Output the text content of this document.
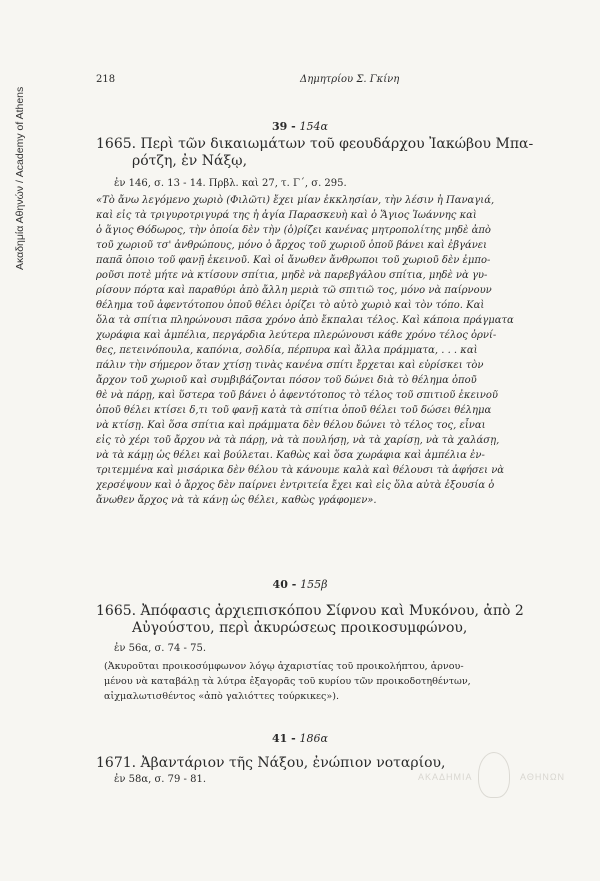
Ακαδημία Αθηνών / Academy of Athens
218	Δημητρίου Σ. Γκίνη
39 - 154α
1665. Περὶ τῶν δικαιωμάτων τοῦ φεουδάρχου Ἰακώβου Μπα-
ρότζη, ἐν Νάξῳ,
ἐν 146, σ. 13 - 14. Πρβλ. καὶ 27, τ. Γ΄, σ. 295.
«Τὸ ἄνω λεγόμενο χωριὸ (Φιλῶτι) ἔχει μίαν ἐκκλησίαν, τὴν λέσιν ἡ Παναγιά,
καὶ εἰς τὰ τριγυροτριγυρά της ἡ ἁγία Παρασκευὴ καὶ ὁ Ἅγιος Ἰωάννης καὶ
ὁ ἅγιος Θόδωρος, τὴν ὁποία δὲν τὴν (ὁ)ρίζει κανένας μητροπολίτης μηδὲ ἀπὸ
τοῦ χωριοῦ τσ' ἀνθρώπους, μόνο ὁ ἄρχος τοῦ χωριοῦ ὁποῦ βάνει καὶ ἐβγάνει
παπᾶ ὁποιο τοῦ φανῇ ἐκεινοῦ. Καὶ οἱ ἄνωθεν ἄνθρωποι τοῦ χωριοῦ δὲν ἐμπο-
ροῦσι ποτὲ μήτε νὰ κτίσουν σπίτια, μηδὲ νὰ παρεβγάλου σπίτια, μηδὲ νὰ γυ-
ρίσουν πόρτα καὶ παραθύρι ἀπὸ ἄλλη μεριὰ τῶ σπιτιῶ τος, μόνο νὰ παίρνουν
θέλημα τοῦ ἀφεντότοπου ὁποῦ θέλει ὁρίζει τὸ αὐτὸ χωριὸ καὶ τὸν τόπο. Καὶ
ὅλα τὰ σπίτια πληρώνουσι πᾶσα χρόνο ἀπὸ ἔκπαλαι τέλος. Καὶ κάποια πράγματα
χωράφια καὶ ἀμπέλια, περγάρδια λεύτερα πλερώνουσι κάθε χρόνο τέλος ὀρνί-
θες, πετεινόπουλα, καπόνια, σολδία, πέρπυρα καὶ ἄλλα πράμματα, . . . καὶ
πάλιν τὴν σήμερον ὅταν χτίσῃ τινὰς κανένα σπίτι ἔρχεται καὶ εὑρίσκει τὸν
ἄρχον τοῦ χωριοῦ καὶ συμβιβάζονται πόσον τοῦ δώνει διὰ τὸ θέλημα ὁποῦ
θὲ νὰ πάρῃ, καὶ ὕστερα τοῦ βάνει ὁ ἀφεντότοπος τὸ τέλος τοῦ σπιτιοῦ ἐκεινοῦ
ὁποῦ θέλει κτίσει δ,τι τοῦ φανῇ κατὰ τὰ σπίτια ὁποῦ θέλει τοῦ δώσει θέλημα
νὰ κτίσῃ. Καὶ ὅσα σπίτια καὶ πράμματα δὲν θέλου δώνει τὸ τέλος τος, εἶναι
εἰς τὸ χέρι τοῦ ἄρχου νὰ τὰ πάρῃ, νὰ τὰ πουλήσῃ, νὰ τὰ χαρίσῃ, νὰ τὰ χαλάσῃ,
νὰ τὰ κάμῃ ὡς θέλει καὶ βούλεται. Καθὼς καὶ ὅσα χωράφια καὶ ἀμπέλια ἐν-
τριτεμμένα καὶ μισάρικα δὲν θέλου τὰ κάνουμε καλὰ καὶ θέλουσι τὰ ἀφήσει νὰ
χερσέψουν καὶ ὁ ἄρχος δὲν παίρνει ἐντριτεία ἔχει καὶ εἰς ὅλα αὐτὰ ἐξουσία ὁ
ἄνωθεν ἄρχος νὰ τὰ κάνῃ ὡς θέλει, καθὼς γράφομεν».
40 - 155β
1665. Ἀπόφασις ἀρχιεπισκόπου Σίφνου καὶ Μυκόνου, ἀπὸ 2
Αὐγούστου, περὶ ἀκυρώσεως προικοσυμφώνου,
ἐν 56α, σ. 74 - 75.
(Ἀκυροῦται προικοσύμφωνον λόγῳ ἀχαριστίας τοῦ προικολήπτου, ἀρνου-
μένου νὰ καταβάλῃ τὰ λύτρα ἐξαγορᾶς τοῦ κυρίου τῶν προικοδοτηθέντων,
αἰχμαλωτισθέντος «ἀπὸ γαλιόττες τούρκικες»).
41 - 186α
1671. Ἀβαντάριον τῆς Νάξου, ἐνώπιον νοταρίου,
ἐν 58α, σ. 79 - 81.	ΑΚΑΔΗΜΙΑ	ΑΘΗΝΩΝ
